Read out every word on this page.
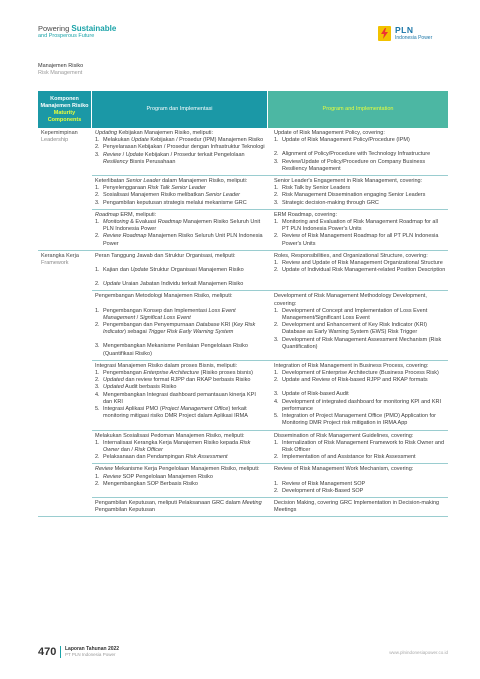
Powering Sustainable
and Prosperous Future
PLN
Indonesia Power
Manajemen Risiko
Risk Management
Komponen
Manajemen Risiko
Maturity
Components
Program dan Implementasi	Program and Implementation
Kepemimpinan
Leadership
Updating Kebijakan Manajemen Risiko, meliputi:
1. Melakukan Update Kebijakan / Prosedur (IPM) Manajemen Risiko
2. Penyelarasan Kebijakan / Prosedur dengan Infrastruktur Teknologi
3. Review / Update Kebijakan / Prosedur terkait Pengelolaan Resiliency Bisnis Perusahaan
Update of Risk Management Policy, covering:
1. Update of Risk Management Policy/Procedure (IPM)
2. Alignment of Policy/Procedure with Technology Infrastructure
3. Review/Update of Policy/Procedure on Company Business Resiliency Management
Keterlibatan Senior Leader dalam Manajemen Risiko, meliputi:
1. Penyelenggaraan Risk Talk Senior Leader
2. Sosialisasi Manajemen Risiko melibatkan Senior Leader
3. Pengambilan keputusan strategis melalui mekanisme GRC
Senior Leader's Engagement in Risk Management, covering:
1. Risk Talk by Senior Leaders
2. Risk Management Dissemination engaging Senior Leaders
3. Strategic decision-making through GRC
Roadmap ERM, meliputi:
1. Monitoring & Evaluasi Roadmap Manajemen Risiko Seluruh Unit PLN Indonesia Power
2. Review Roadmap Manajemen Risiko Seluruh Unit PLN Indonesia Power
ERM Roadmap, covering:
1. Monitoring and Evaluation of Risk Management Roadmap for all PT PLN Indonesia Power's Units
2. Review of Risk Management Roadmap for all PT PLN Indonesia Power's Units
Kerangka Kerja
Framework
Peran Tanggung Jawab dan Struktur Organisasi, meliputi:
1. Kajian dan Update Struktur Organisasi Manajemen Risiko
2. Update Uraian Jabatan Individu terkait Manajemen Risiko
Roles, Responsibilities, and Organizational Structure, covering:
1. Review and Update of Risk Management Organizational Structure
2. Update of Individual Risk Management-related Position Description
Pengembangan Metodologi Manajemen Risiko, meliputi:
1. Pengembangan Konsep dan Implementasi Loss Event Management / Significat Loss Event
2. Pengembangan dan Penyempurnaan Database KRI (Key Risk Indicator) sebagai Trigger Risk Early Warning System
3. Mengembangkan Mekanisme Penilaian Pengelolaan Risiko (Quantifikasi Risiko)
Development of Risk Management Methodology Development, covering:
1. Development of Concept and Implementation of Loss Event Management/Significant Loss Event
2. Development and Enhancement of Key Risk Indicator (KRI) Database as Early Warning System (EWS) Risk Trigger
3. Development of Risk Management Assessment Mechanism (Risk Quantification)
Integrasi Manajemen Risiko dalam proses Bisnis, meliputi:
1. Pengembangan Enterprise Architecture (Risiko proses bisnis)
2. Updated dan review format RJPP dan RKAP berbasis Risiko
3. Updated Audit berbasis Risiko
4. Mengembangkan Integrasi dashboard pemantauan kinerja KPI dan KRI
5. Integrasi Aplikasi PMO (Project Management Office) terkait monitoring mitigasi risiko DMR Project dalam Aplikasi IRMA
Integration of Risk Management in Business Process, covering:
1. Development of Enterprise Architecture (Business Process Risk)
2. Update and Review of Risk-based RJPP and RKAP formats
3. Update of Risk-based Audit
4. Development of integrated dashboard for monitoring KPI and KRI performance
5. Integration of Project Management Office (PMO) Application for Monitoring DMR Project risk mitigation in IRMA App
Melakukan Sosialisasi Pedoman Manajemen Risiko, meliputi:
1. Internalisasi Kerangka Kerja Manajemen Risiko kepada Risk Owner dan / Risk Officer
2. Pelaksanaan dan Pendampingan Risk Assessment
Dissemination of Risk Management Guidelines, covering:
1. Internalization of Risk Management Framework to Risk Owner and Risk Officer
2. Implementation of and Assistance for Risk Assessment
Review Mekanisme Kerja Pengelolaan Manajemen Risiko, meliputi:
1. Review SOP Pengelolaan Manajemen Risiko
2. Mengembangkan SOP Berbasis Risiko
Review of Risk Management Work Mechanism, covering:
1. Review of Risk Management SOP
2. Development of Risk-Based SOP
Pengambilan Keputusan, meliputi Pelaksanaan GRC dalam Meeting Pengambilan Keputusan
Decision Making, covering GRC Implementation in Decision-making Meetings
470 Laporan Tahunan 2022
PT PLN Indonesia Power	www.plnindonesiapower.co.id
